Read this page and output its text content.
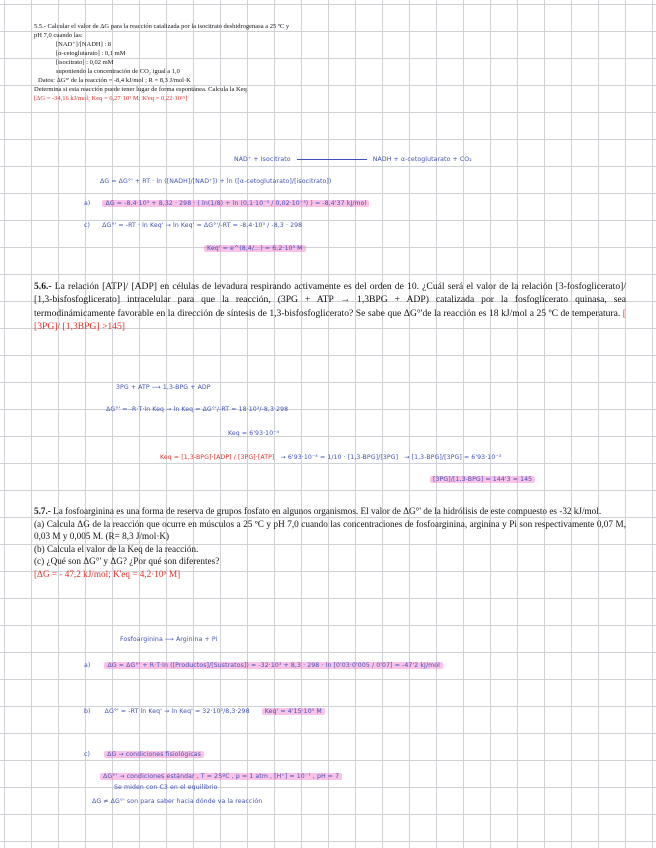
5.5.- Calcular el valor de ΔG para la reacción catalizada por la isocitrato deshidrogenasa a 25 ºC y
pH 7,0 cuando las:
[NAD⁺]/[NADH] : 8
[α-cetoglutarato] : 0,1 mM
[isocitrato] : 0,02 mM
suponiendo la concentración de CO₂ igual a 1,0
Datos: ΔG°' de la reacción = -8,4 kJ/mol ; R = 8,3 J/mol·K
Determina si esta reacción puede tener lugar de forma espontánea. Calcula la Keq
[ΔG = -34,16 kJ/mol; Keq = 6,27·10¹ M; K'eq = 0,22·10¹⁵]
NAD⁺ + Isocitrato	NADH + α-cetoglutarato + CO₂
ΔG = ΔG°' + RT · ln ([NADH]/[NAD⁺]) + ln ([α-cetoglutarato]/[isocitrato])
a) ΔG = -8,4·10³ + 8,32 · 298 · ( ln(1/8) + ln (0,1·10⁻³ / 0,02·10⁻³) ) = -8,4'37 kJ/mol
c) ΔG°' = -RT · ln Keq' → ln Keq' = ΔG°'/-RT = -8,4·10³ / -8,3 · 298
Keq' = e^(8,4/…) = 6,2·10³ M
5.6.- La relación [ATP]/ [ADP] en células de levadura respirando activamente es del orden de 10. ¿Cuál será el valor de la relación [3-fosfoglicerato]/ [1,3-bisfosfoglicerato] intracelular para que la reacción, (3PG + ATP → 1,3BPG + ADP) catalizada por la fosfoglicerato quinasa, sea termodinámicamente favorable en la dirección de síntesis de 1,3-bisfosfoglicerato? Se sabe que ΔG°'de la reacción es 18 kJ/mol a 25 ºC de temperatura. [ [3PG]/ [1,3BPG] >145]
3PG + ATP ⟶ 1,3-BPG + ADP
ΔG°' = -R·T·ln Keq → ln Keq = ΔG°'/-RT = 18·10³/-8,3·298
Keq = 6'93·10⁻⁴
Keq = [1,3-BPG]·[ADP] / [3PG]·[ATP] → 6'93·10⁻⁴ = 1/10 · [1,3-BPG]/[3PG] → [1,3-BPG]/[3PG] = 6'93·10⁻³
[3PG]/[1,3-BPG] = 144'3 ≈ 145
5.7.- La fosfoarginina es una forma de reserva de grupos fosfato en algunos organismos. El valor de ΔG°' de la hidrólisis de este compuesto es -32 kJ/mol.
(a) Calcula ΔG de la reacción que ocurre en músculos a 25 ºC y pH 7,0 cuando las concentraciones de fosfoarginina, arginina y Pi son respectivamente 0,07 M, 0,03 M y 0,005 M. (R= 8,3 J/mol·K)
(b) Calcula el valor de la Keq de la reacción.
(c) ¿Qué son ΔG°' y ΔG? ¿Por qué son diferentes?
[ΔG = - 47,2 kJ/mol; K'eq = 4,2·10⁵ M]
Fosfoarginina ⟶ Arginina + Pi
a)	ΔG = ΔG°' + R·T·ln ([Productos]/[Sustratos]) = -32·10³ + 8,3 · 298 · ln [0'03·0'005 / 0'07] = -47'2 kJ/mol
b) ΔG°' = -RT ln Keq' → ln Keq' = 32·10³/8,3·298 Keq' = 4'15·10⁵ M
c)	ΔG → condiciones fisiológicas
ΔG°' → condiciones estándar , T = 25ºC , p = 1 atm , [H⁺] = 10⁻⁷ , pH = 7
Se miden con C3 en el equilibrio
ΔG ≠ ΔG°' son para saber hacia dónde va la reacción
